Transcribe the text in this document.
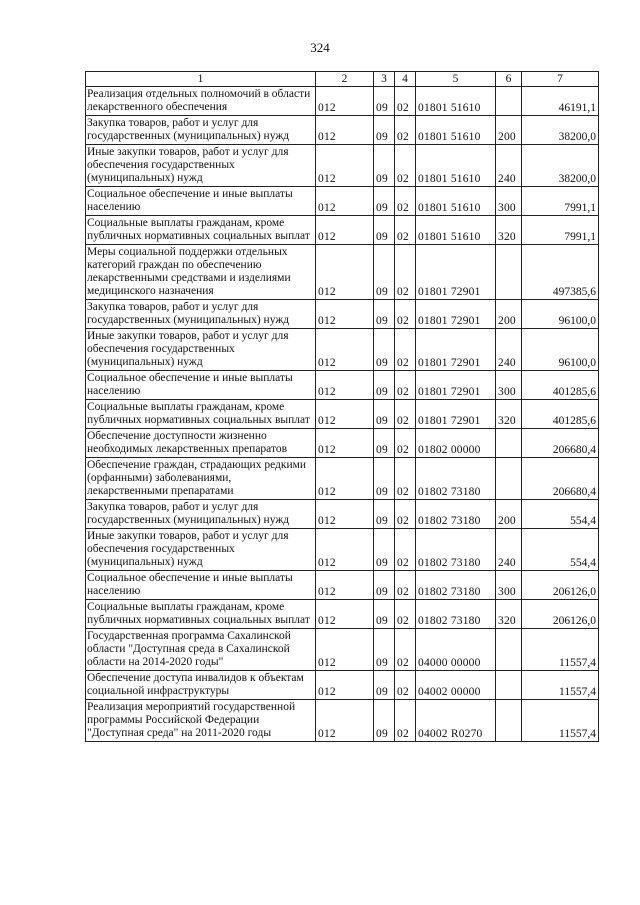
324
1	2	3	4	5	6	7
Реализация отдельных полномочий в области лекарственного обеспечения	012	09	02	01801 51610		46191,1
Закупка товаров, работ и услуг для государственных (муниципальных) нужд	012	09	02	01801 51610	200	38200,0
Иные закупки товаров, работ и услуг для обеспечения государственных (муниципальных) нужд	012	09	02	01801 51610	240	38200,0
Социальное обеспечение и иные выплаты населению	012	09	02	01801 51610	300	7991,1
Социальные выплаты гражданам, кроме публичных нормативных социальных выплат	012	09	02	01801 51610	320	7991,1
Меры социальной поддержки отдельных категорий граждан по обеспечению лекарственными средствами и изделиями медицинского назначения	012	09	02	01801 72901		497385,6
Закупка товаров, работ и услуг для государственных (муниципальных) нужд	012	09	02	01801 72901	200	96100,0
Иные закупки товаров, работ и услуг для обеспечения государственных (муниципальных) нужд	012	09	02	01801 72901	240	96100,0
Социальное обеспечение и иные выплаты населению	012	09	02	01801 72901	300	401285,6
Социальные выплаты гражданам, кроме публичных нормативных социальных выплат	012	09	02	01801 72901	320	401285,6
Обеспечение доступности жизненно необходимых лекарственных препаратов	012	09	02	01802 00000		206680,4
Обеспечение граждан, страдающих редкими (орфанными) заболеваниями, лекарственными препаратами	012	09	02	01802 73180		206680,4
Закупка товаров, работ и услуг для государственных (муниципальных) нужд	012	09	02	01802 73180	200	554,4
Иные закупки товаров, работ и услуг для обеспечения государственных (муниципальных) нужд	012	09	02	01802 73180	240	554,4
Социальное обеспечение и иные выплаты населению	012	09	02	01802 73180	300	206126,0
Социальные выплаты гражданам, кроме публичных нормативных социальных выплат	012	09	02	01802 73180	320	206126,0
Государственная программа Сахалинской области "Доступная среда в Сахалинской области на 2014-2020 годы"	012	09	02	04000 00000		11557,4
Обеспечение доступа инвалидов к объектам социальной инфраструктуры	012	09	02	04002 00000		11557,4
Реализация мероприятий государственной программы Российской Федерации "Доступная среда" на 2011-2020 годы	012	09	02	04002 R0270		11557,4
